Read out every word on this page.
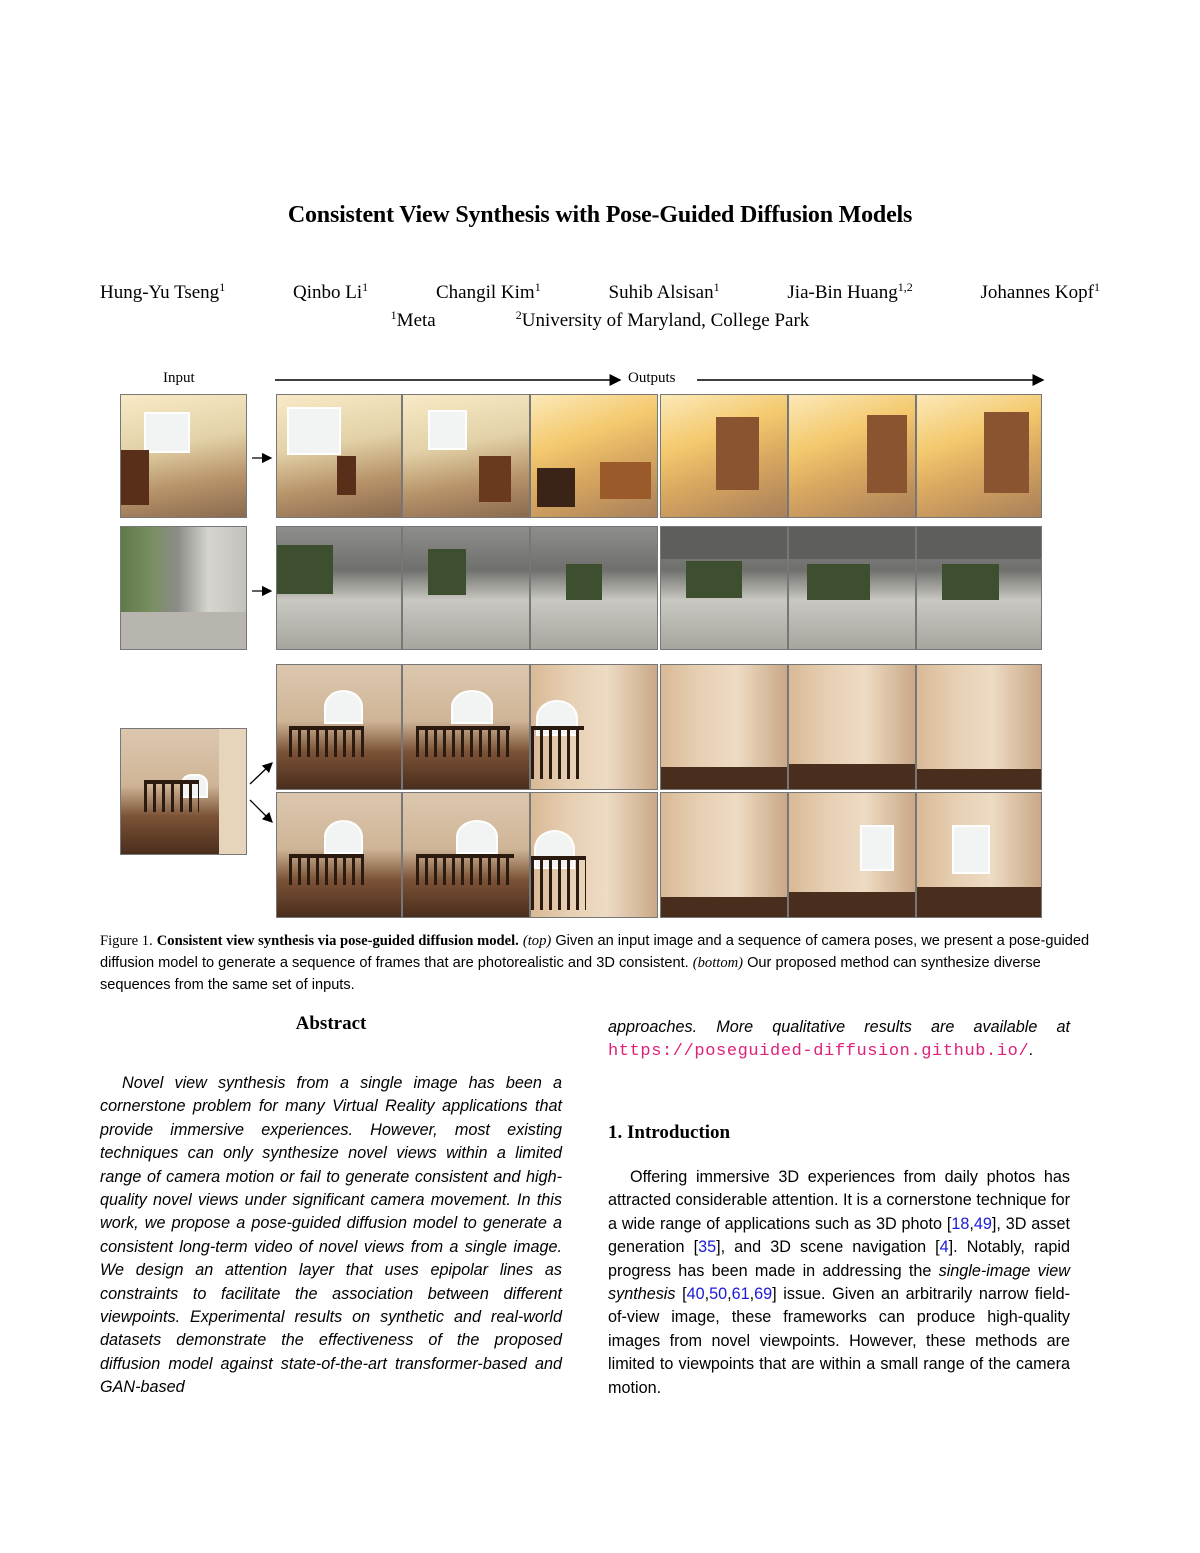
Consistent View Synthesis with Pose-Guided Diffusion Models
Hung-Yu Tseng$^1$	Qinbo Li$^1$	Changil Kim$^1$	Suhib Alsisan$^1$	Jia-Bin Huang$^{1,2}$	Johannes Kopf$^1$
$^1$Meta	$^2$University of Maryland, College Park
Input	Outputs
Figure 1. Consistent view synthesis via pose-guided diffusion model. (top) Given an input image and a sequence of camera poses, we present a pose-guided diffusion model to generate a sequence of frames that are photorealistic and 3D consistent. (bottom) Our proposed method can synthesize diverse sequences from the same set of inputs.
Abstract

Novel view synthesis from a single image has been a cornerstone problem for many Virtual Reality applications that provide immersive experiences. However, most existing techniques can only synthesize novel views within a limited range of camera motion or fail to generate consistent and high-quality novel views under significant camera movement. In this work, we propose a pose-guided diffusion model to generate a consistent long-term video of novel views from a single image. We design an attention layer that uses epipolar lines as constraints to facilitate the association between different viewpoints. Experimental results on synthetic and real-world datasets demonstrate the effectiveness of the proposed diffusion model against state-of-the-art transformer-based and GAN-based

approaches. More qualitative results are available at https://poseguided-diffusion.github.io/.
1. Introduction

Offering immersive 3D experiences from daily photos has attracted considerable attention. It is a cornerstone technique for a wide range of applications such as 3D photo [18,49], 3D asset generation [35], and 3D scene navigation [4]. Notably, rapid progress has been made in addressing the single-image view synthesis [40,50,61,69] issue. Given an arbitrarily narrow field-of-view image, these frameworks can produce high-quality images from novel viewpoints. However, these methods are limited to viewpoints that are within a small range of the camera motion.
